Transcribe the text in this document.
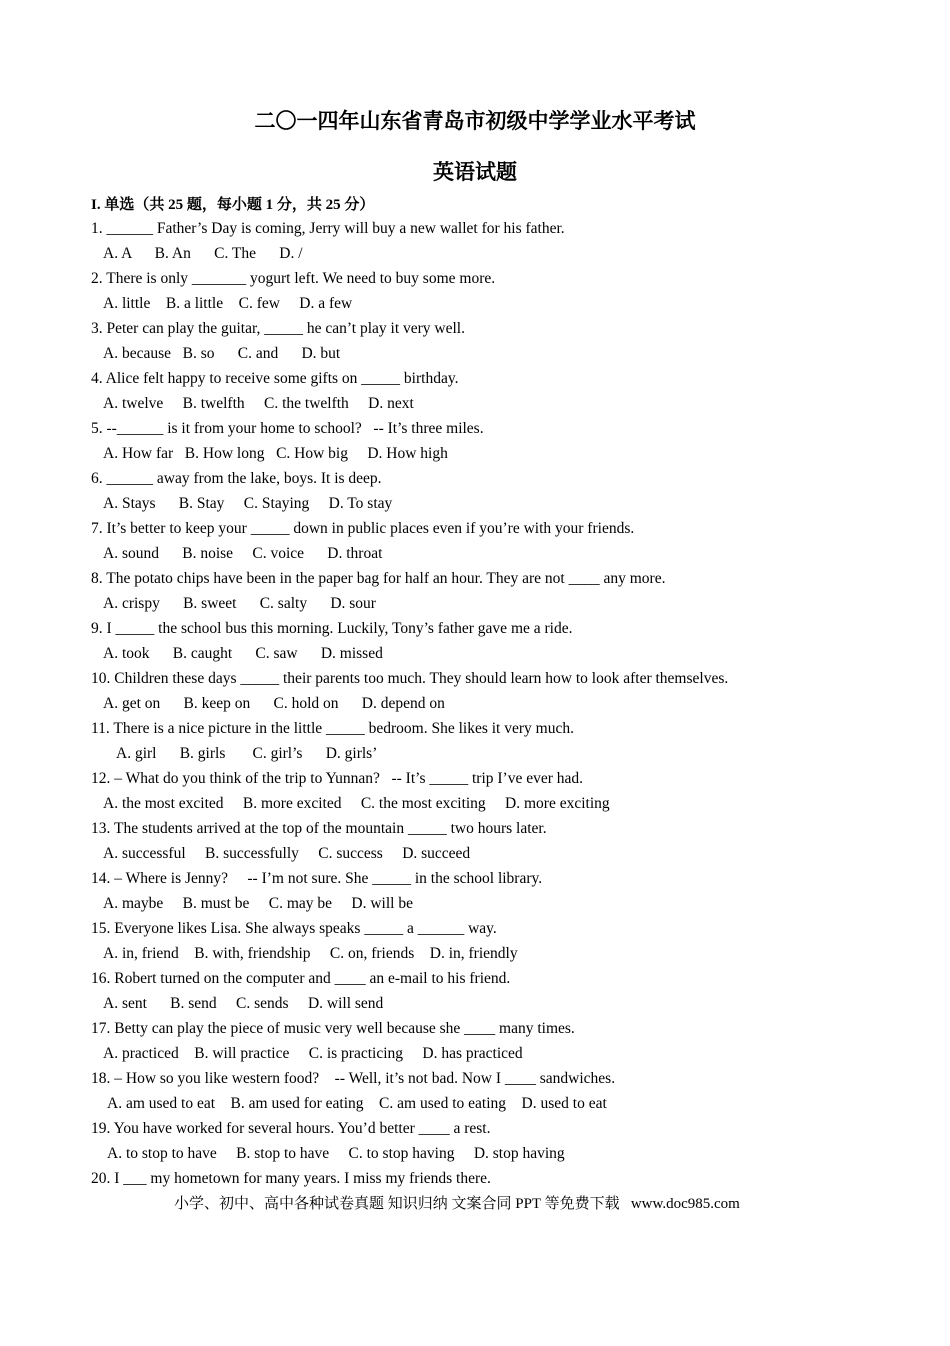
二〇一四年山东省青岛市初级中学学业水平考试
英语试题
I. 单选（共 25 题，每小题 1 分，共 25 分）
1. ______ Father’s Day is coming, Jerry will buy a new wallet for his father.
A. A      B. An      C. The      D. /
2. There is only _______ yogurt left. We need to buy some more.
A. little    B. a little    C. few     D. a few
3. Peter can play the guitar, _____ he can’t play it very well.
A. because   B. so      C. and      D. but
4. Alice felt happy to receive some gifts on _____ birthday.
A. twelve     B. twelfth     C. the twelfth     D. next
5. --______ is it from your home to school?   -- It’s three miles.
A. How far   B. How long   C. How big     D. How high
6. ______ away from the lake, boys. It is deep.
A. Stays      B. Stay     C. Staying     D. To stay
7. It’s better to keep your _____ down in public places even if you’re with your friends.
A. sound      B. noise     C. voice      D. throat
8. The potato chips have been in the paper bag for half an hour. They are not ____ any more.
A. crispy      B. sweet      C. salty      D. sour
9. I _____ the school bus this morning. Luckily, Tony’s father gave me a ride.
A. took      B. caught      C. saw      D. missed
10. Children these days _____ their parents too much. They should learn how to look after themselves.
A. get on      B. keep on      C. hold on      D. depend on
11. There is a nice picture in the little _____ bedroom. She likes it very much.
A. girl      B. girls       C. girl’s      D. girls’
12. – What do you think of the trip to Yunnan?   -- It’s _____ trip I’ve ever had.
A. the most excited     B. more excited     C. the most exciting     D. more exciting
13. The students arrived at the top of the mountain _____ two hours later.
A. successful     B. successfully     C. success     D. succeed
14. – Where is Jenny?     -- I’m not sure. She _____ in the school library.
A. maybe     B. must be     C. may be     D. will be
15. Everyone likes Lisa. She always speaks _____ a ______ way.
A. in, friend    B. with, friendship     C. on, friends    D. in, friendly
16. Robert turned on the computer and ____ an e-mail to his friend.
A. sent      B. send     C. sends     D. will send
17. Betty can play the piece of music very well because she ____ many times.
A. practiced    B. will practice     C. is practicing     D. has practiced
18. – How so you like western food?    -- Well, it’s not bad. Now I ____ sandwiches.
A. am used to eat    B. am used for eating    C. am used to eating    D. used to eat
19. You have worked for several hours. You’d better ____ a rest.
A. to stop to have     B. stop to have     C. to stop having     D. stop having
20. I ___ my hometown for many years. I miss my friends there.
小学、初中、高中各种试卷真题 知识归纳 文案合同 PPT 等免费下载   www.doc985.com
